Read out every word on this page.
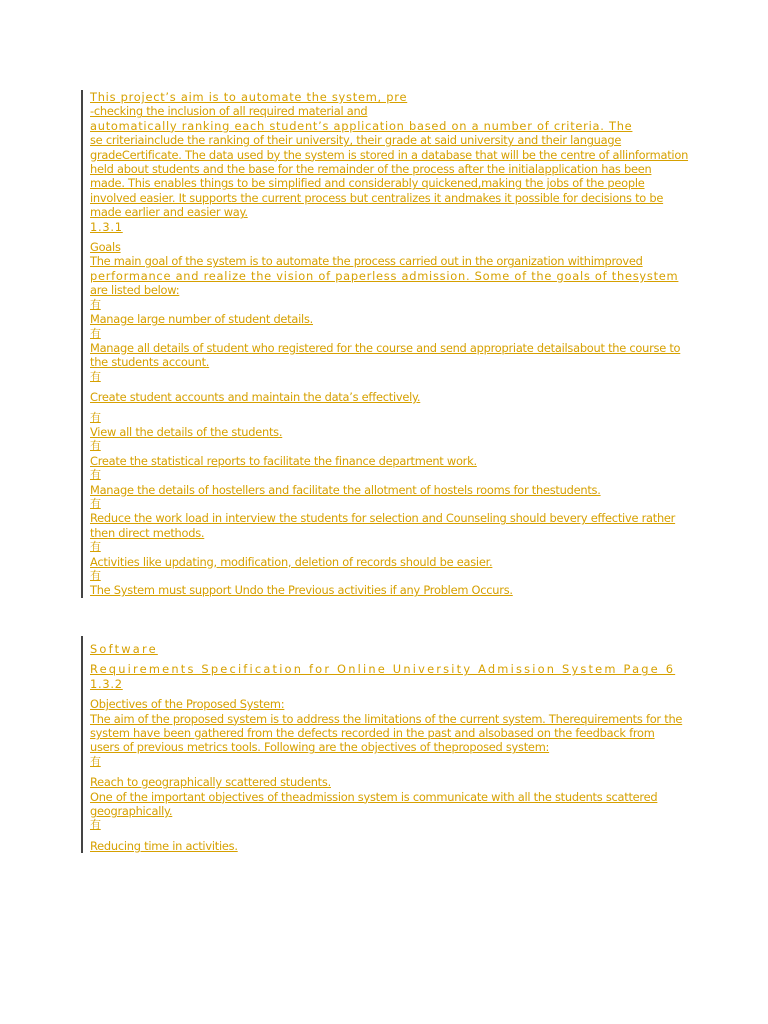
This project’s aim is to automate the system, pre
-checking the inclusion of all required material and
automatically ranking each student’s application based on a number of criteria. The
se criteriainclude the ranking of their university, their grade at said university and their language
gradeCertificate. The data used by the system is stored in a database that will be the centre of allinformation
held about students and the base for the remainder of the process after the initialapplication has been
made. This enables things to be simplified and considerably quickened,making the jobs of the people
involved easier. It supports the current process but centralizes it andmakes it possible for decisions to be
made earlier and easier way.
1.3.1
Goals
The main goal of the system is to automate the process carried out in the organization withimproved
performance and realize the vision of paperless admission. Some of the goals of thesystem
are listed below:
有
Manage large number of student details.
有
Manage all details of student who registered for the course and send appropriate detailsabout the course to
the students account.
有
Create student accounts and maintain the data’s effectively.
有
View all the details of the students.
有
Create the statistical reports to facilitate the finance department work.
有
Manage the details of hostellers and facilitate the allotment of hostels rooms for thestudents.
有
Reduce the work load in interview the students for selection and Counseling should bevery effective rather
then direct methods.
有
Activities like updating, modification, deletion of records should be easier.
有
The System must support Undo the Previous activities if any Problem Occurs.
Software
Requirements Specification for Online University Admission System Page 6
1.3.2
Objectives of the Proposed System:
The aim of the proposed system is to address the limitations of the current system. Therequirements for the
system have been gathered from the defects recorded in the past and alsobased on the feedback from
users of previous metrics tools. Following are the objectives of theproposed system:
有
Reach to geographically scattered students.
One of the important objectives of theadmission system is communicate with all the students scattered
geographically.
有
Reducing time in activities.
